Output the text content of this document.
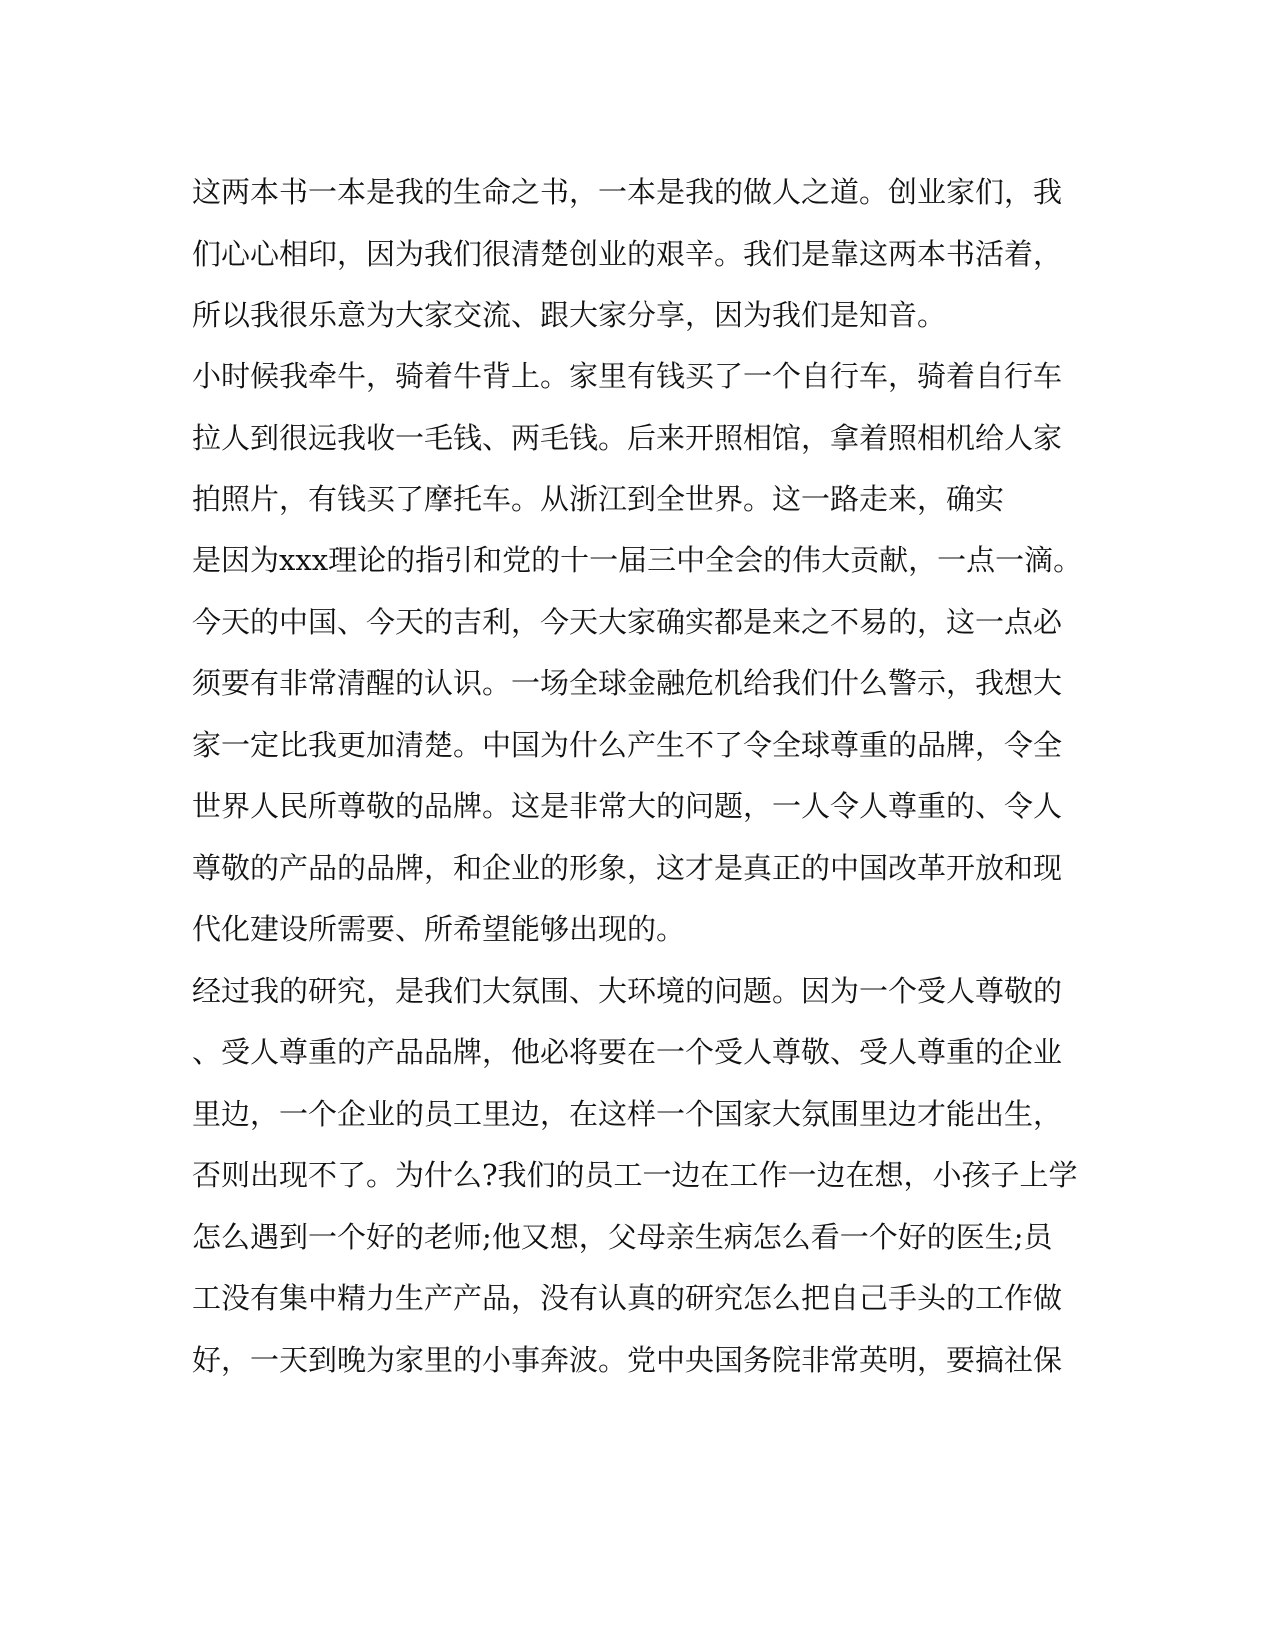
这两本书一本是我的生命之书，一本是我的做人之道。创业家们，我

们心心相印，因为我们很清楚创业的艰辛。我们是靠这两本书活着，

所以我很乐意为大家交流、跟大家分享，因为我们是知音。

小时候我牵牛，骑着牛背上。家里有钱买了一个自行车，骑着自行车

拉人到很远我收一毛钱、两毛钱。后来开照相馆，拿着照相机给人家

拍照片，有钱买了摩托车。从浙江到全世界。这一路走来，确实

是因为xxx理论的指引和党的十一届三中全会的伟大贡献，一点一滴。

今天的中国、今天的吉利，今天大家确实都是来之不易的，这一点必

须要有非常清醒的认识。一场全球金融危机给我们什么警示，我想大

家一定比我更加清楚。中国为什么产生不了令全球尊重的品牌，令全

世界人民所尊敬的品牌。这是非常大的问题，一人令人尊重的、令人

尊敬的产品的品牌，和企业的形象，这才是真正的中国改革开放和现

代化建设所需要、所希望能够出现的。

经过我的研究，是我们大氛围、大环境的问题。因为一个受人尊敬的

、受人尊重的产品品牌，他必将要在一个受人尊敬、受人尊重的企业

里边，一个企业的员工里边，在这样一个国家大氛围里边才能出生，

否则出现不了。为什么?我们的员工一边在工作一边在想，小孩子上学

怎么遇到一个好的老师;他又想，父母亲生病怎么看一个好的医生;员

工没有集中精力生产产品，没有认真的研究怎么把自己手头的工作做

好，一天到晚为家里的小事奔波。党中央国务院非常英明，要搞社保
